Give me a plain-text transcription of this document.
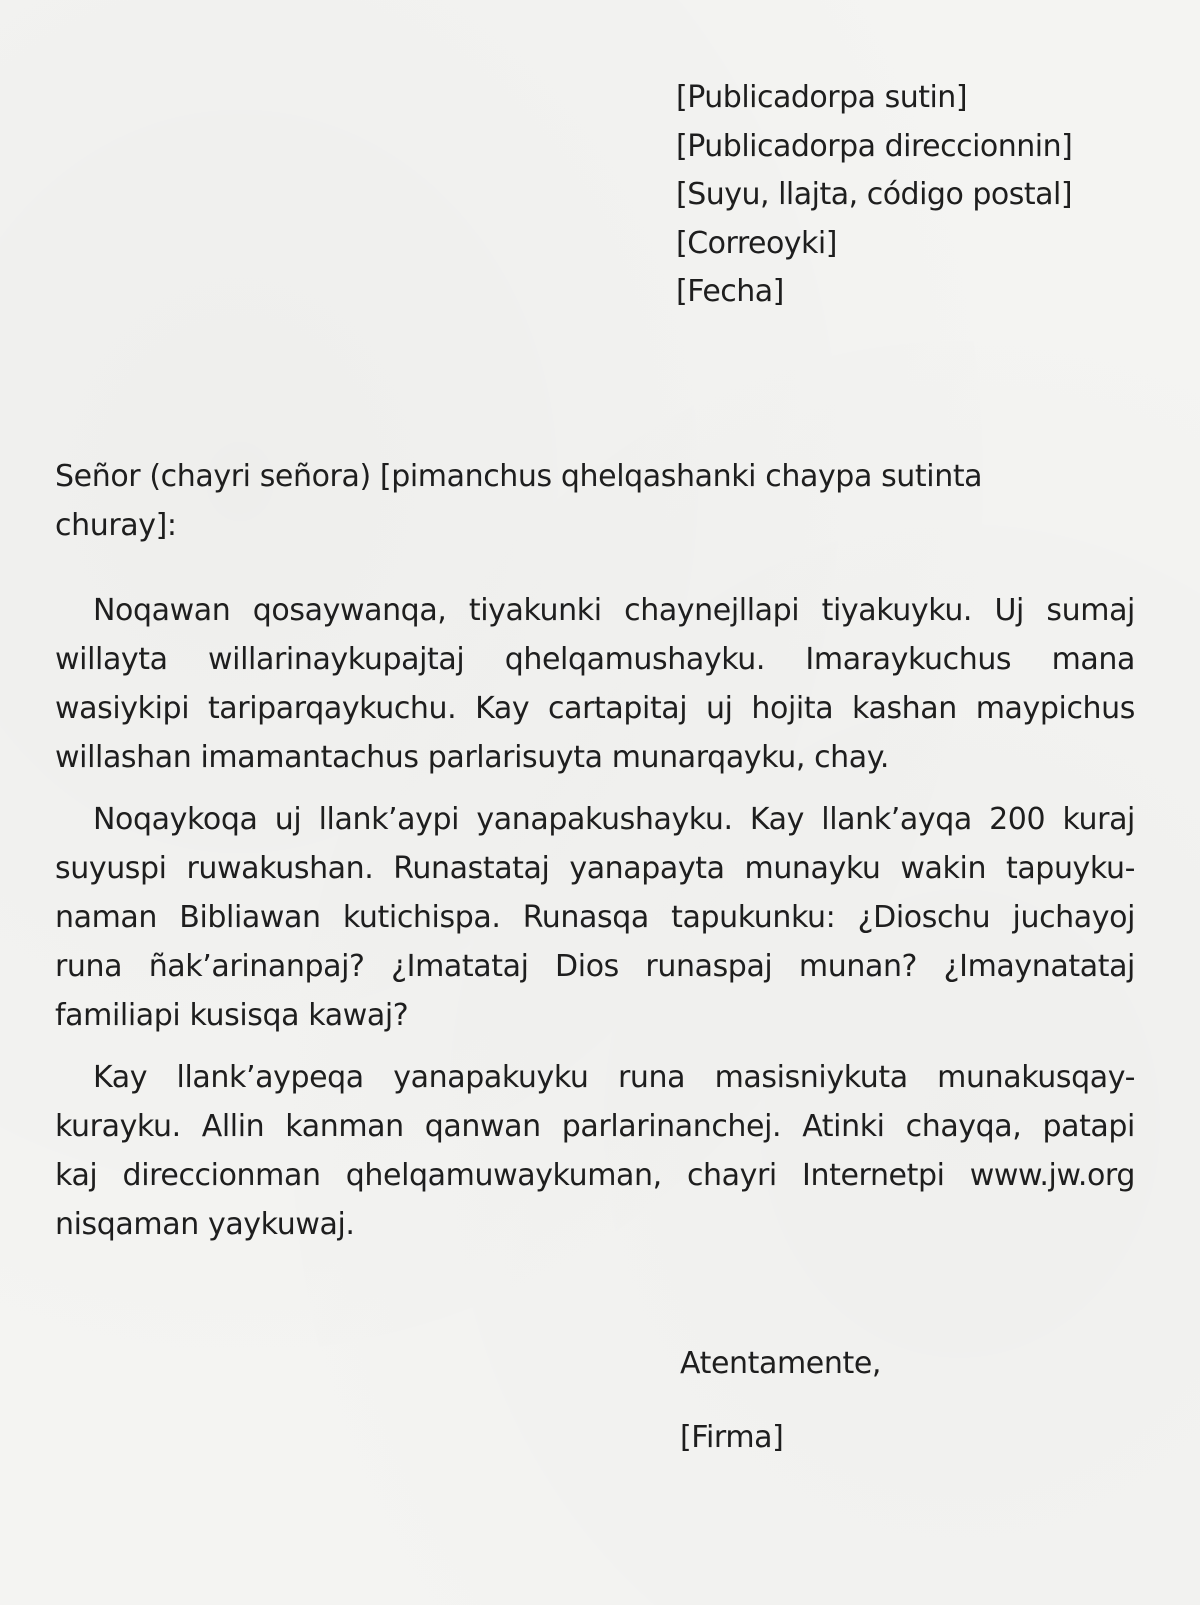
[Publicadorpa sutin]
[Publicadorpa direccionnin]
[Suyu, llajta, código postal]
[Correoyki]
[Fecha]
Señor (chayri señora) [pimanchus qhelqashanki chaypa sutinta
churay]:
Noqawan qosaywanqa, tiyakunki chaynejllapi tiyakuyku. Uj sumaj
willayta willarinaykupajtaj qhelqamushayku. Imaraykuchus mana
wasiykipi tariparqaykuchu. Kay cartapitaj uj hojita kashan maypichus
willashan imamantachus parlarisuyta munarqayku, chay.
Noqaykoqa uj llank’aypi yanapakushayku. Kay llank’ayqa 200 kuraj
suyuspi ruwakushan. Runastataj yanapayta munayku wakin tapuyku-
naman Bibliawan kutichispa. Runasqa tapukunku: ¿Dioschu juchayoj
runa ñak’arinanpaj? ¿Imatataj Dios runaspaj munan? ¿Imaynatataj
familiapi kusisqa kawaj?
Kay llank’aypeqa yanapakuyku runa masisniykuta munakusqay-
kurayku. Allin kanman qanwan parlarinanchej. Atinki chayqa, patapi
kaj direccionman qhelqamuwaykuman, chayri Internetpi www.jw.org
nisqaman yaykuwaj.
Atentamente,
[Firma]
